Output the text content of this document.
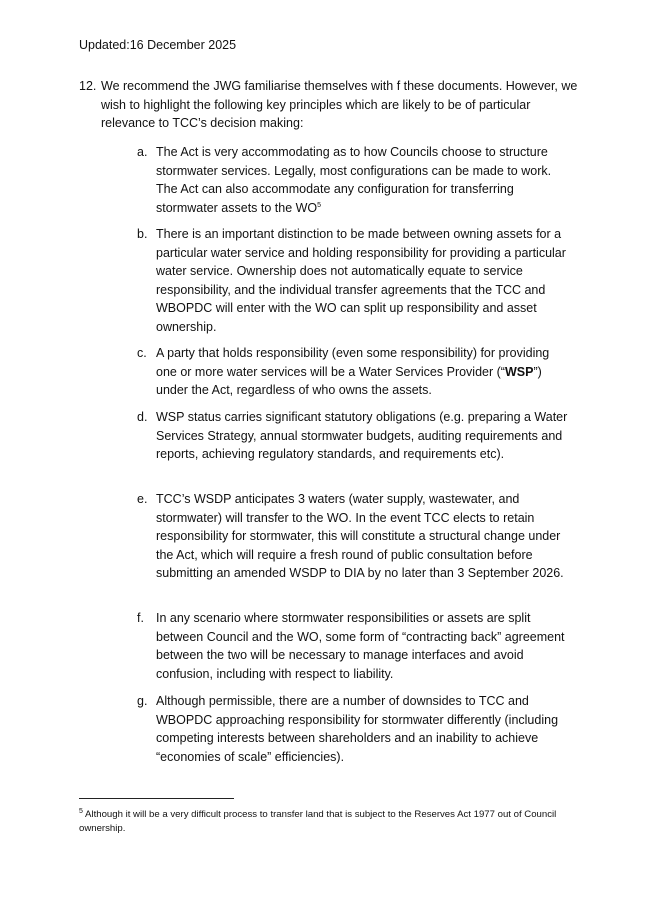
Updated:16 December 2025
12. We recommend the JWG familiarise themselves with f these documents. However, we wish to highlight the following key principles which are likely to be of particular relevance to TCC’s decision making:
a. The Act is very accommodating as to how Councils choose to structure stormwater services. Legally, most configurations can be made to work. The Act can also accommodate any configuration for transferring stormwater assets to the $WO^5$
b. There is an important distinction to be made between owning assets for a particular water service and holding responsibility for providing a particular water service. Ownership does not automatically equate to service responsibility, and the individual transfer agreements that the TCC and WBOPDC will enter with the WO can split up responsibility and asset ownership.
c. A party that holds responsibility (even some responsibility) for providing one or more water services will be a Water Services Provider (“WSP”) under the Act, regardless of who owns the assets.
d. WSP status carries significant statutory obligations (e.g. preparing a Water Services Strategy, annual stormwater budgets, auditing requirements and reports, achieving regulatory standards, and requirements etc).
e. TCC’s WSDP anticipates 3 waters (water supply, wastewater, and stormwater) will transfer to the WO. In the event TCC elects to retain responsibility for stormwater, this will constitute a structural change under the Act, which will require a fresh round of public consultation before submitting an amended WSDP to DIA by no later than 3 September 2026.
f. In any scenario where stormwater responsibilities or assets are split between Council and the WO, some form of “contracting back” agreement between the two will be necessary to manage interfaces and avoid confusion, including with respect to liability.
g. Although permissible, there are a number of downsides to TCC and WBOPDC approaching responsibility for stormwater differently (including competing interests between shareholders and an inability to achieve “economies of scale” efficiencies).
$^5$ Although it will be a very difficult process to transfer land that is subject to the Reserves Act 1977 out of Council ownership.
